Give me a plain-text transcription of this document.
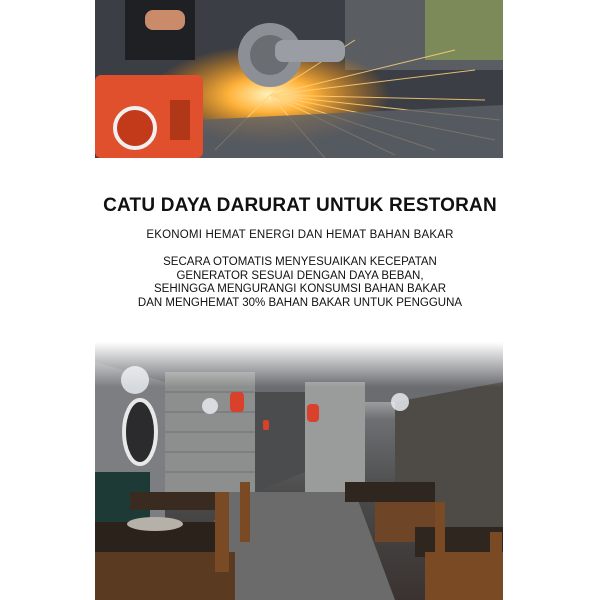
CATU DAYA DARURAT UNTUK RESTORAN
EKONOMI HEMAT ENERGI DAN HEMAT BAHAN BAKAR
SECARA OTOMATIS MENYESUAIKAN KECEPATAN
GENERATOR SESUAI DENGAN DAYA BEBAN,
SEHINGGA MENGURANGI KONSUMSI BAHAN BAKAR
DAN MENGHEMAT 30% BAHAN BAKAR UNTUK PENGGUNA
